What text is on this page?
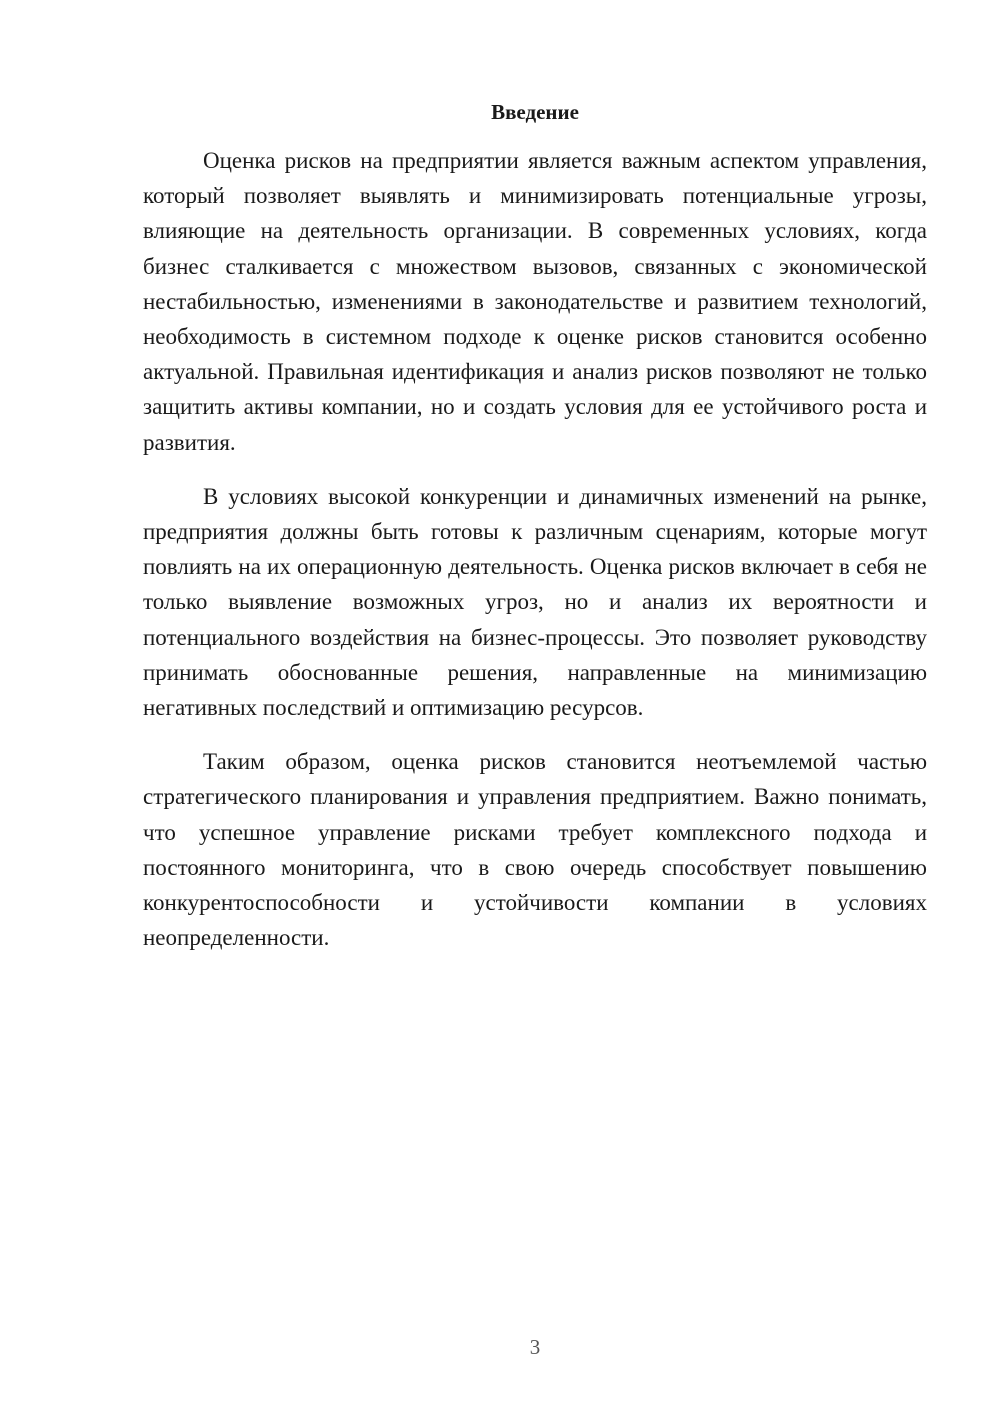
Введение

Оценка рисков на предприятии является важным аспектом управления, который позволяет выявлять и минимизировать потенциальные угрозы, влияющие на деятельность организации. В современных условиях, когда бизнес сталкивается с множеством вызовов, связанных с экономической нестабильностью, изменениями в законодательстве и развитием технологий, необходимость в системном подходе к оценке рисков становится особенно актуальной. Правильная идентификация и анализ рисков позволяют не только защитить активы компании, но и создать условия для ее устойчивого роста и развития.

В условиях высокой конкуренции и динамичных изменений на рынке, предприятия должны быть готовы к различным сценариям, которые могут повлиять на их операционную деятельность. Оценка рисков включает в себя не только выявление возможных угроз, но и анализ их вероятности и потенциального воздействия на бизнес-процессы. Это позволяет руководству принимать обоснованные решения, направленные на минимизацию негативных последствий и оптимизацию ресурсов.

Таким образом, оценка рисков становится неотъемлемой частью стратегического планирования и управления предприятием. Важно понимать, что успешное управление рисками требует комплексного подхода и постоянного мониторинга, что в свою очередь способствует повышению конкурентоспособности и устойчивости компании в условиях неопределенности.

3
